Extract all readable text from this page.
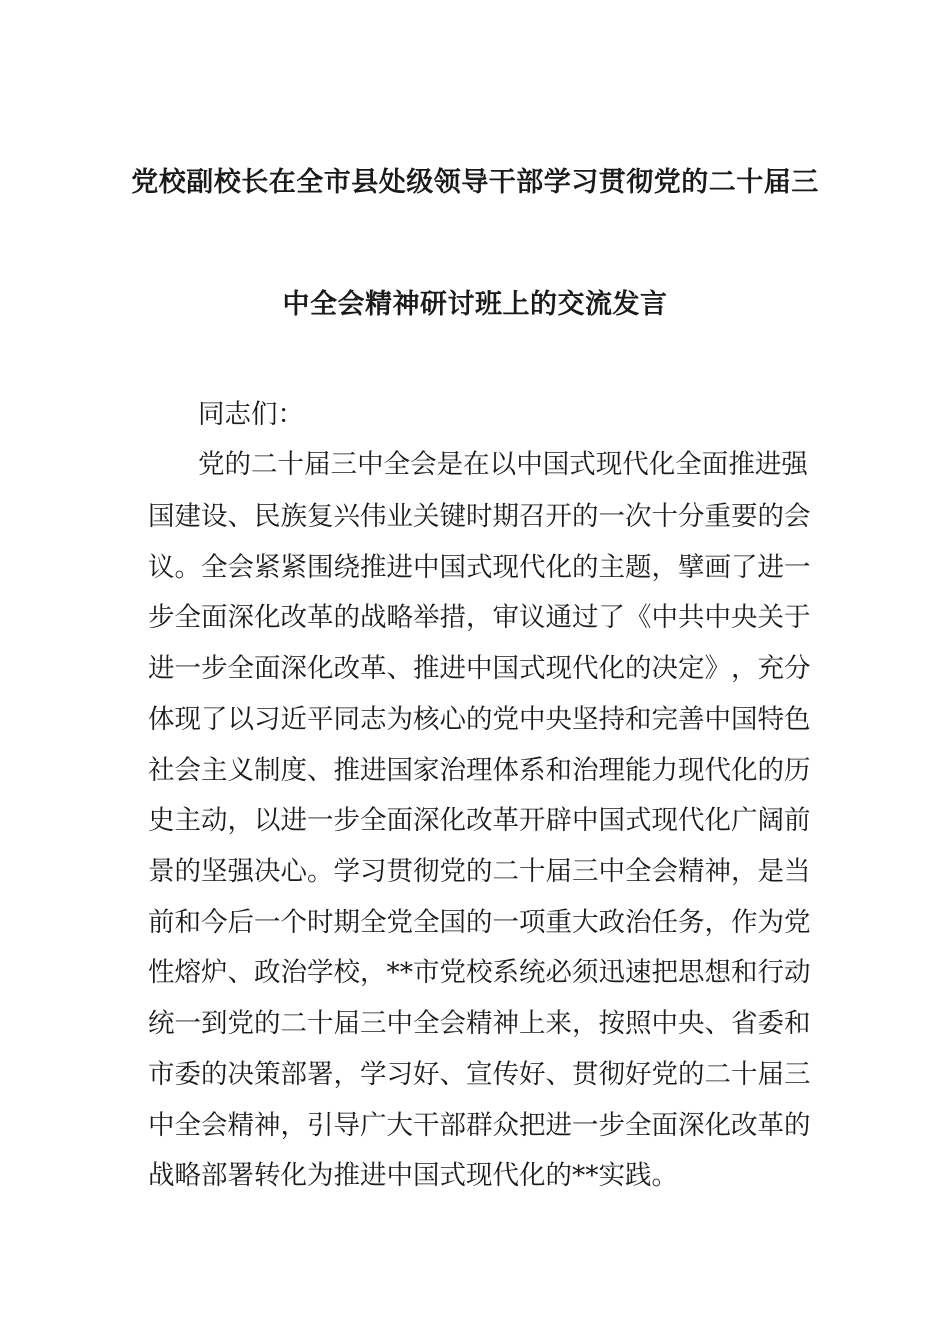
党校副校长在全市县处级领导干部学习贯彻党的二十届三
中全会精神研讨班上的交流发言
同志们：
党 的 二 十 届 三 中 全 会 是 在 以 中 国 式 现 代 化 全 面 推 进 强
国 建 设 、 民 族 复 兴 伟 业 关 键 时 期 召 开 的 一 次 十 分 重 要 的 会
议 。 全 会 紧 紧 围 绕 推 进 中 国 式 现 代 化 的 主 题 ， 擘 画 了 进 一
步 全 面 深 化 改 革 的 战 略 举 措 ， 审 议 通 过 了 《 中 共 中 央 关 于
进 一 步 全 面 深 化 改 革 、 推 进 中 国 式 现 代 化 的 决 定 》 ， 充 分
体 现 了 以 习 近 平 同 志 为 核 心 的 党 中 央 坚 持 和 完 善 中 国 特 色
社 会 主 义 制 度 、 推 进 国 家 治 理 体 系 和 治 理 能 力 现 代 化 的 历
史 主 动 ， 以 进 一 步 全 面 深 化 改 革 开 辟 中 国 式 现 代 化 广 阔 前
景 的 坚 强 决 心 。 学 习 贯 彻 党 的 二 十 届 三 中 全 会 精 神 ， 是 当
前 和 今 后 一 个 时 期 全 党 全 国 的 一 项 重 大 政 治 任 务 ， 作 为 党
性 熔 炉 、 政 治 学 校 ， * * 市 党 校 系 统 必 须 迅 速 把 思 想 和 行 动
统 一 到 党 的 二 十 届 三 中 全 会 精 神 上 来 ， 按 照 中 央 、 省 委 和
市 委 的 决 策 部 署 ， 学 习 好 、 宣 传 好 、 贯 彻 好 党 的 二 十 届 三
中 全 会 精 神 ， 引 导 广 大 干 部 群 众 把 进 一 步 全 面 深 化 改 革 的
战略部署转化为推进中国式现代化的**实践。
